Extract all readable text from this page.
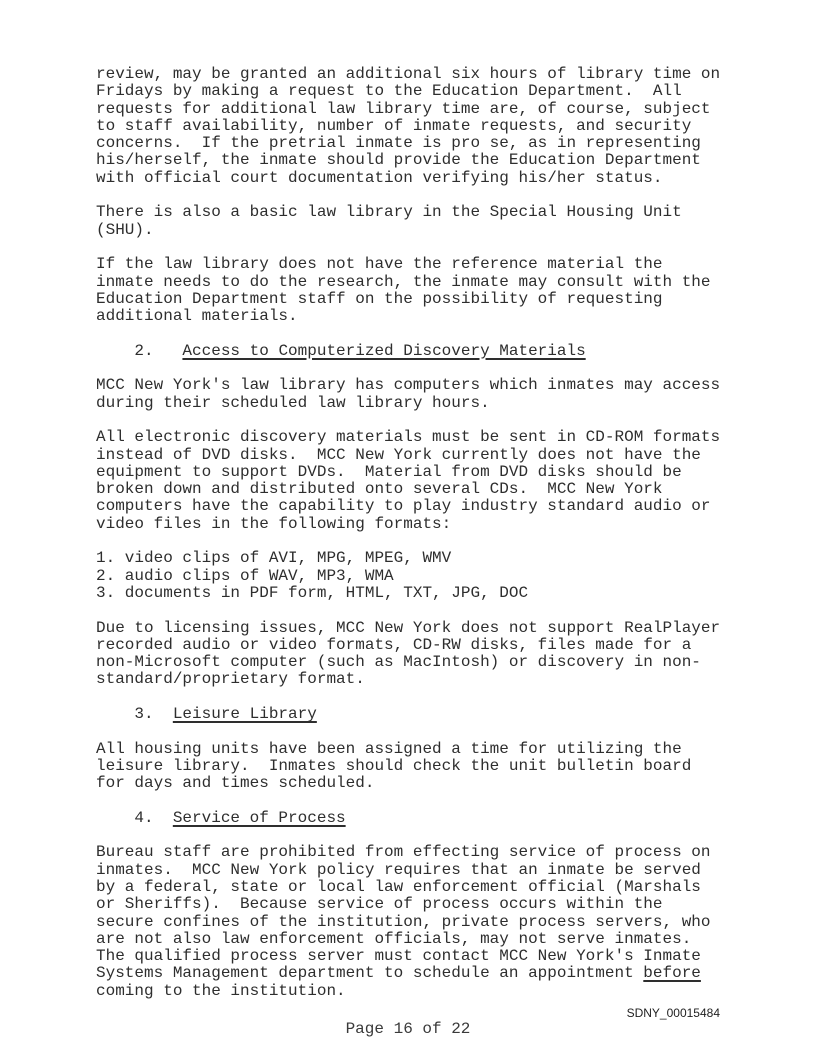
review, may be granted an additional six hours of library time on
Fridays by making a request to the Education Department.  All
requests for additional law library time are, of course, subject
to staff availability, number of inmate requests, and security
concerns.  If the pretrial inmate is pro se, as in representing
his/herself, the inmate should provide the Education Department
with official court documentation verifying his/her status.
There is also a basic law library in the Special Housing Unit
(SHU).
If the law library does not have the reference material the
inmate needs to do the research, the inmate may consult with the
Education Department staff on the possibility of requesting
additional materials.
2.   Access to Computerized Discovery Materials
MCC New York's law library has computers which inmates may access
during their scheduled law library hours.
All electronic discovery materials must be sent in CD-ROM formats
instead of DVD disks.  MCC New York currently does not have the
equipment to support DVDs.  Material from DVD disks should be
broken down and distributed onto several CDs.  MCC New York
computers have the capability to play industry standard audio or
video files in the following formats:
1. video clips of AVI, MPG, MPEG, WMV
2. audio clips of WAV, MP3, WMA
3. documents in PDF form, HTML, TXT, JPG, DOC
Due to licensing issues, MCC New York does not support RealPlayer
recorded audio or video formats, CD-RW disks, files made for a
non-Microsoft computer (such as MacIntosh) or discovery in non-
standard/proprietary format.
3.  Leisure Library
All housing units have been assigned a time for utilizing the
leisure library.  Inmates should check the unit bulletin board
for days and times scheduled.
4.  Service of Process
Bureau staff are prohibited from effecting service of process on
inmates.  MCC New York policy requires that an inmate be served
by a federal, state or local law enforcement official (Marshals
or Sheriffs).  Because service of process occurs within the
secure confines of the institution, private process servers, who
are not also law enforcement officials, may not serve inmates.
The qualified process server must contact MCC New York's Inmate
Systems Management department to schedule an appointment before
coming to the institution.
SDNY_00015484
Page 16 of 22
